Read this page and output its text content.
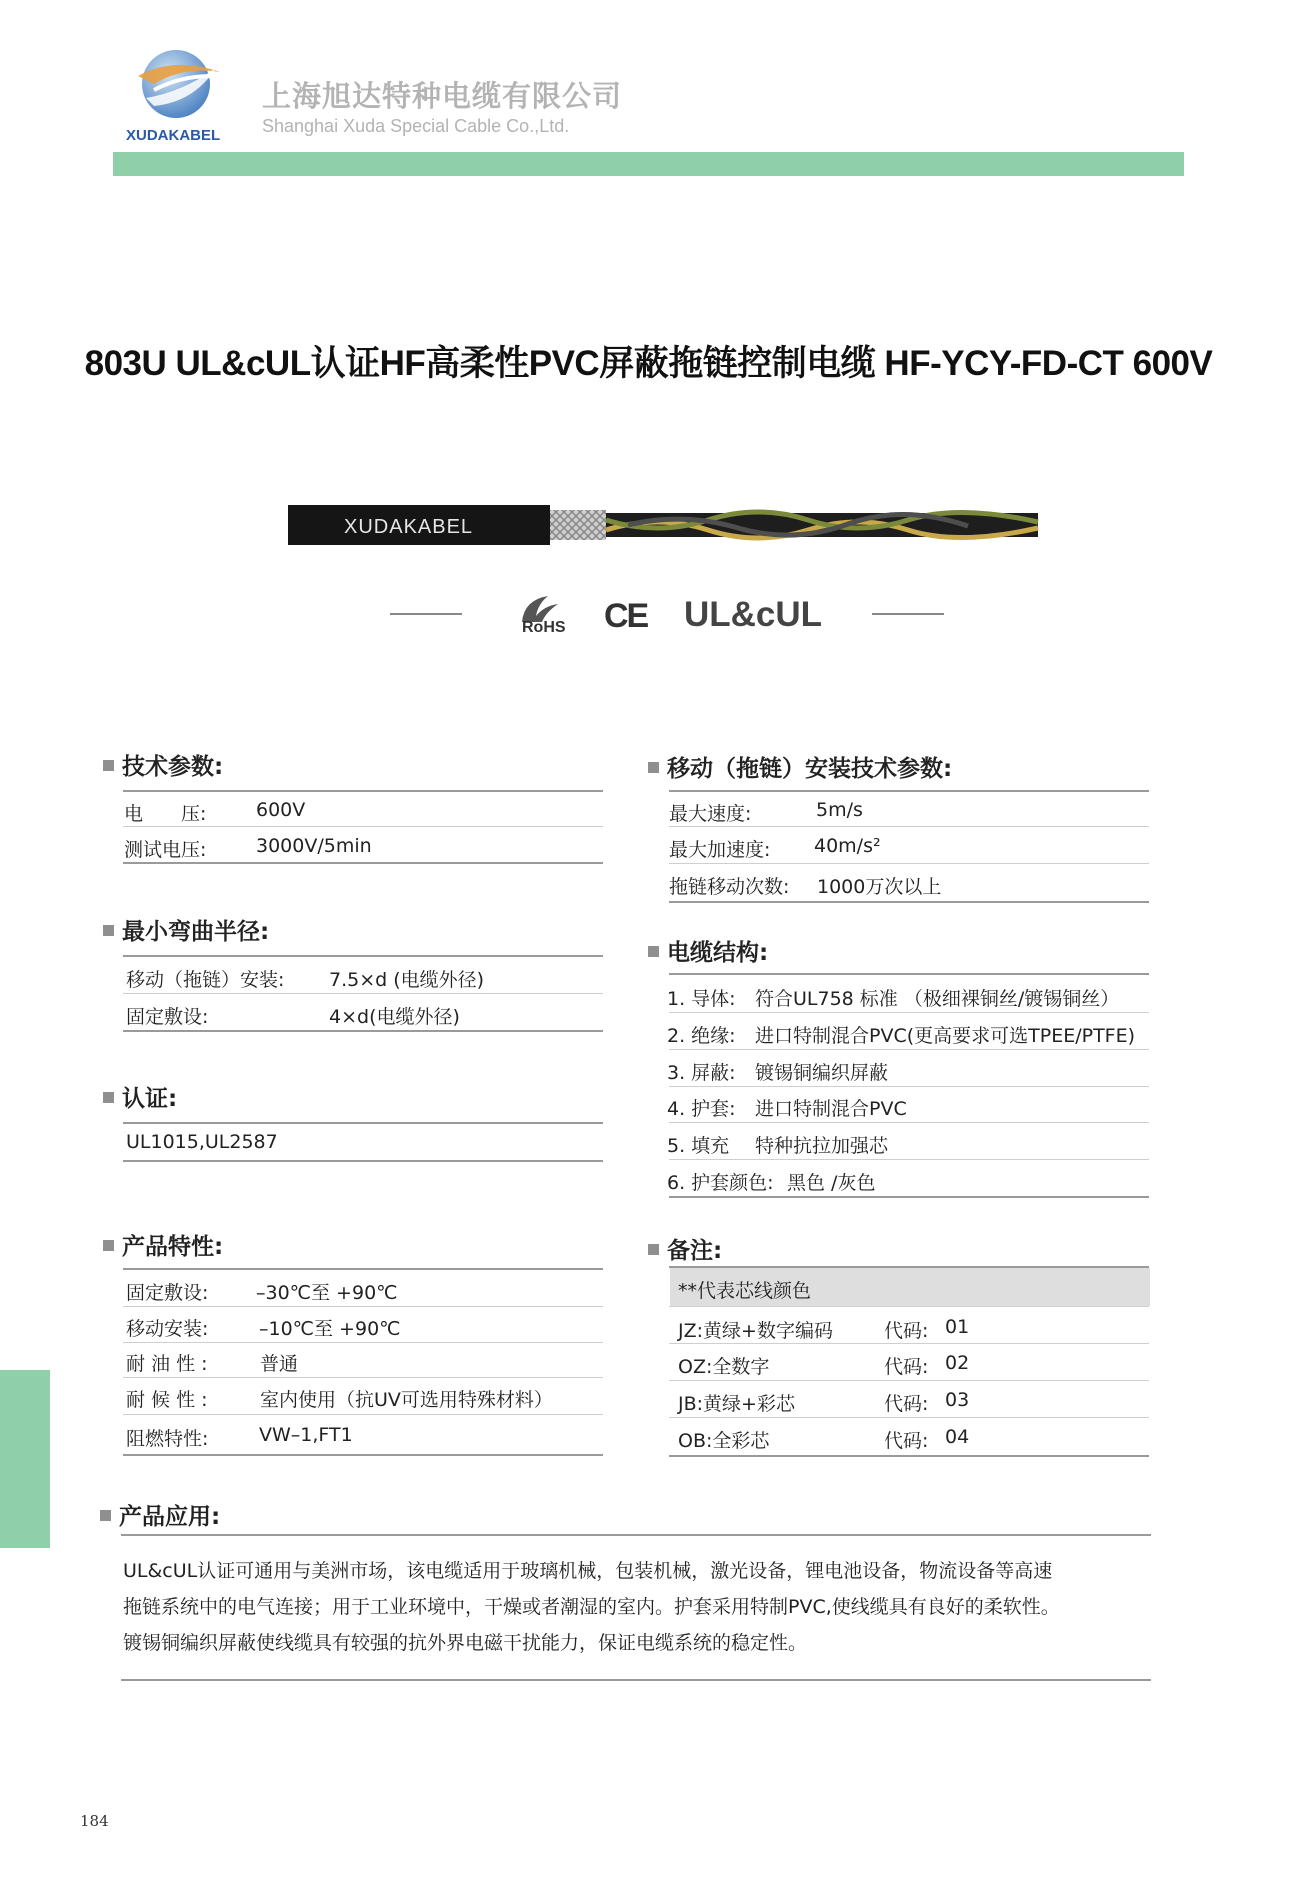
XUDAKABEL
上海旭达特种电缆有限公司
Shanghai Xuda Special Cable Co.,Ltd.
803U UL&cUL认证HF高柔性PVC屏蔽拖链控制电缆 HF-YCY-FD-CT 600V
XUDAKABEL
RoHS CE UL&cUL
技术参数:
电　　压:	600V
测试电压:	3000V/5min
最小弯曲半径:
移动（拖链）安装: 7.5×d (电缆外径)
固定敷设:	4×d(电缆外径)
认证:
UL1015,UL2587
产品特性:
固定敷设:	–30℃至 +90℃
移动安装:	–10℃至 +90℃
耐 油 性 :	普通
耐 候 性 :	室内使用（抗UV可选用特殊材料）
阻燃特性:	VW–1,FT1
移动（拖链）安装技术参数:
最大速度:	5m/s
最大加速度: 40m/s²
拖链移动次数: 1000万次以上
电缆结构:
1. 导体: 符合UL758 标准 （极细裸铜丝/镀锡铜丝）
2. 绝缘: 进口特制混合PVC(更高要求可选TPEE/PTFE)
3. 屏蔽: 镀锡铜编织屏蔽
4. 护套: 进口特制混合PVC
5. 填充 特种抗拉加强芯
6. 护套颜色: 黑色 /灰色
备注:
**代表芯线颜色
JZ:黄绿+数字编码	代码: 01
OZ:全数字	代码: 02
JB:黄绿+彩芯	代码: 03
OB:全彩芯	代码: 04
产品应用:
UL&cUL认证可通用与美洲市场，该电缆适用于玻璃机械，包装机械，激光设备，锂电池设备，物流设备等高速
拖链系统中的电气连接；用于工业环境中，干燥或者潮湿的室内。护套采用特制PVC,使线缆具有良好的柔软性。
镀锡铜编织屏蔽使线缆具有较强的抗外界电磁干扰能力，保证电缆系统的稳定性。
184
